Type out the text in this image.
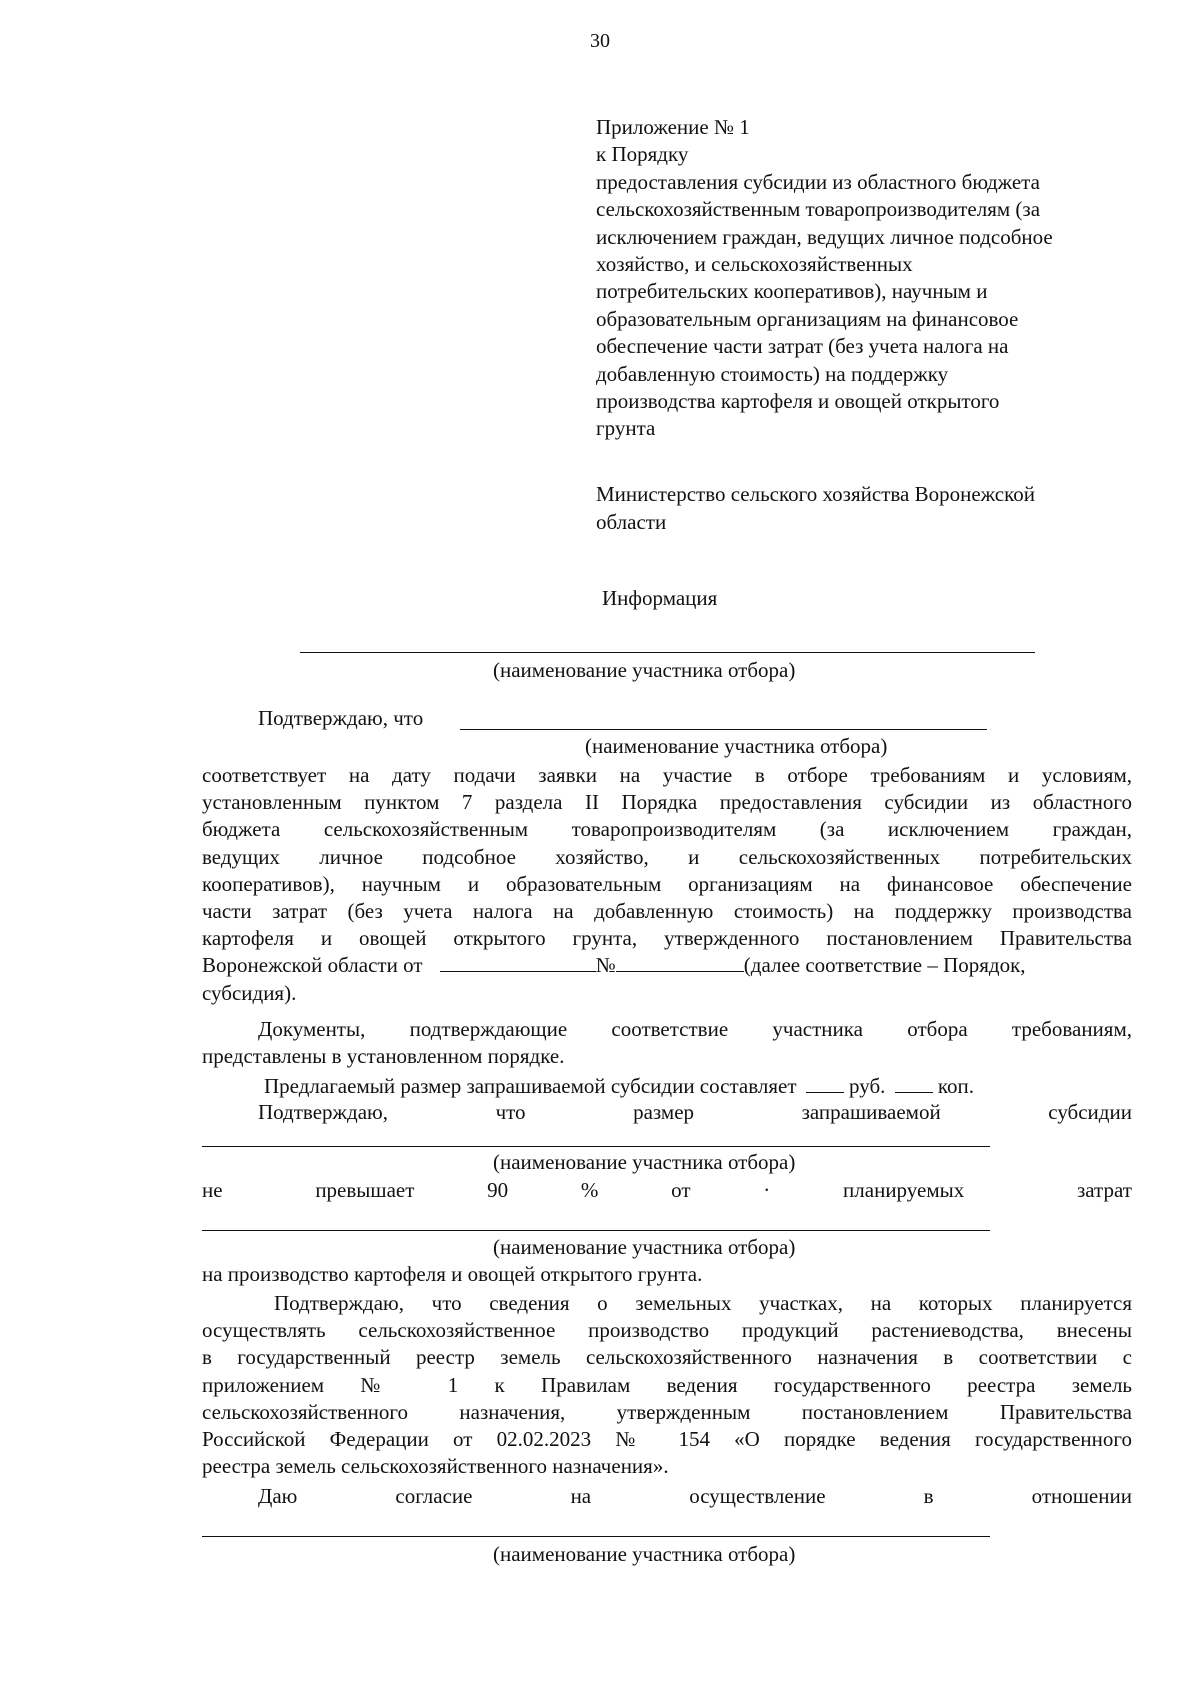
30
Приложение № 1
к Порядку
предоставления субсидии из областного бюджета
сельскохозяйственным товаропроизводителям (за
исключением граждан, ведущих личное подсобное
хозяйство, и сельскохозяйственных
потребительских кооперативов), научным и
образовательным организациям на финансовое
обеспечение части затрат (без учета налога на
добавленную стоимость) на поддержку
производства картофеля и овощей открытого
грунта
Министерство сельского хозяйства Воронежской
области
Информация
(наименование участника отбора)
Подтверждаю, что
(наименование участника отбора)
соответствует на дату подачи заявки на участие в отборе требованиям и условиям,
установленным пунктом 7 раздела II Порядка предоставления субсидии из областного
бюджета сельскохозяйственным товаропроизводителям (за исключением граждан,
ведущих личное подсобное хозяйство, и сельскохозяйственных потребительских
кооперативов), научным и образовательным организациям на финансовое обеспечение
части затрат (без учета налога на добавленную стоимость) на поддержку производства
картофеля и овощей открытого грунта, утвержденного постановлением Правительства
Воронежской области от	№	(далее соответствие – Порядок,
субсидия).
Документы, подтверждающие соответствие участника отбора требованиям,
представлены в установленном порядке.
Предлагаемый размер запрашиваемой субсидии составляет	руб.	коп.
Подтверждаю,	что	размер	запрашиваемой	субсидии
(наименование участника отбора)
не	превышает	90	%	от	·	планируемых	затрат
(наименование участника отбора)
на производство картофеля и овощей открытого грунта.
Подтверждаю, что сведения о земельных участках, на которых планируется
осуществлять сельскохозяйственное производство продукций растениеводства, внесены
в государственный реестр земель сельскохозяйственного назначения в соответствии с
приложением № 1 к Правилам ведения государственного реестра земель
сельскохозяйственного назначения, утвержденным постановлением Правительства
Российской Федерации от 02.02.2023 № 154 «О порядке ведения государственного
реестра земель сельскохозяйственного назначения».
Даю	согласие	на	осуществление	в	отношении
(наименование участника отбора)
